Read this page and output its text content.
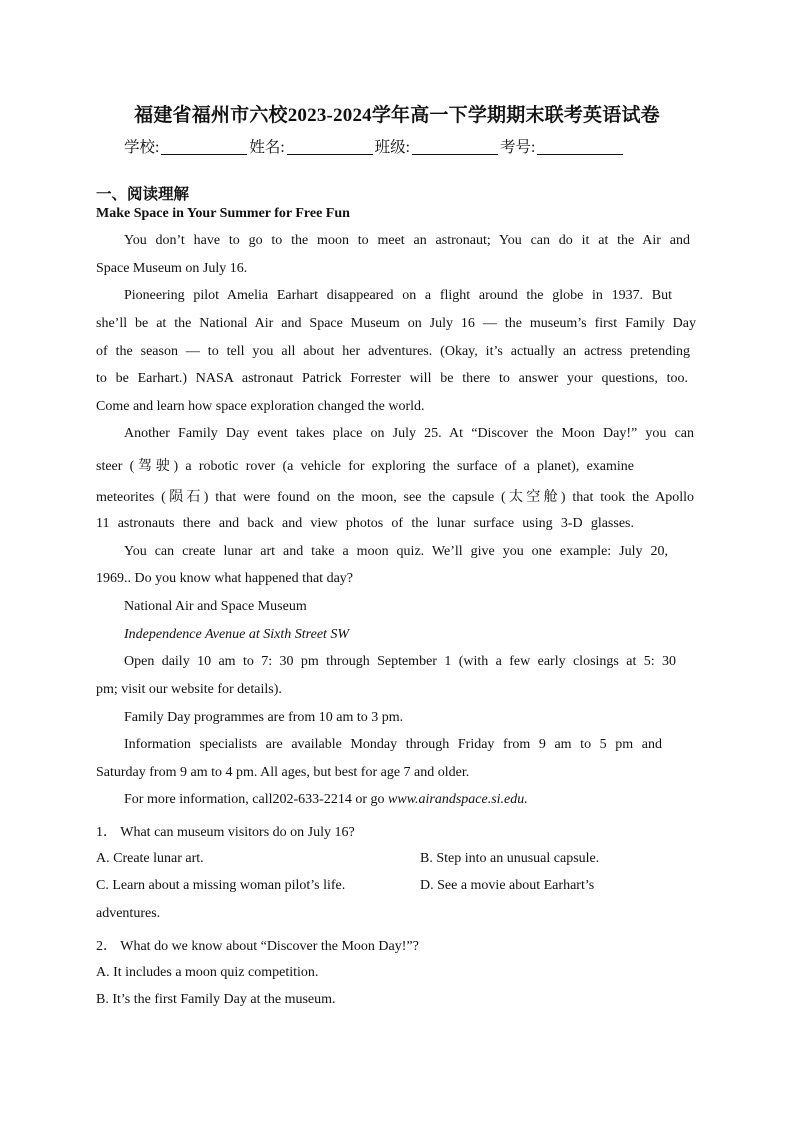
福建省福州市六校2023-2024学年高一下学期期末联考英语试卷
学校:	姓名:	班级:	考号:
一、阅读理解
Make Space in Your Summer for Free Fun
You don’t have to go to the moon to meet an astronaut; You can do it at the Air and
Space Museum on July 16.
Pioneering pilot Amelia Earhart disappeared on a flight around the globe in 1937. But
she’ll be at the National Air and Space Museum on July 16 — the museum’s first Family Day
of the season — to tell you all about her adventures. (Okay, it’s actually an actress pretending
to be Earhart.) NASA astronaut Patrick Forrester will be there to answer your questions, too.
Come and learn how space exploration changed the world.
Another Family Day event takes place on July 25. At “Discover the Moon Day!” you can
steer (驾驶) a robotic rover (a vehicle for exploring the surface of a planet), examine
meteorites (陨石) that were found on the moon, see the capsule (太空舱) that took the Apollo
11 astronauts there and back and view photos of the lunar surface using 3-D glasses.
You can create lunar art and take a moon quiz. We’ll give you one example: July 20,
1969.. Do you know what happened that day?
National Air and Space Museum
Independence Avenue at Sixth Street SW
Open daily 10 am to 7: 30 pm through September 1 (with a few early closings at 5: 30
pm; visit our website for details).
Family Day programmes are from 10 am to 3 pm.
Information specialists are available Monday through Friday from 9 am to 5 pm and
Saturday from 9 am to 4 pm. All ages, but best for age 7 and older.
For more information, call202-633-2214 or go www.airandspace.si.edu.
1． What can museum visitors do on July 16?
A. Create lunar art.	B. Step into an unusual capsule.
C. Learn about a missing woman pilot’s life.	D. See a movie about Earhart’s
adventures.
2． What do we know about “Discover the Moon Day!”?
A. It includes a moon quiz competition.
B. It’s the first Family Day at the museum.
